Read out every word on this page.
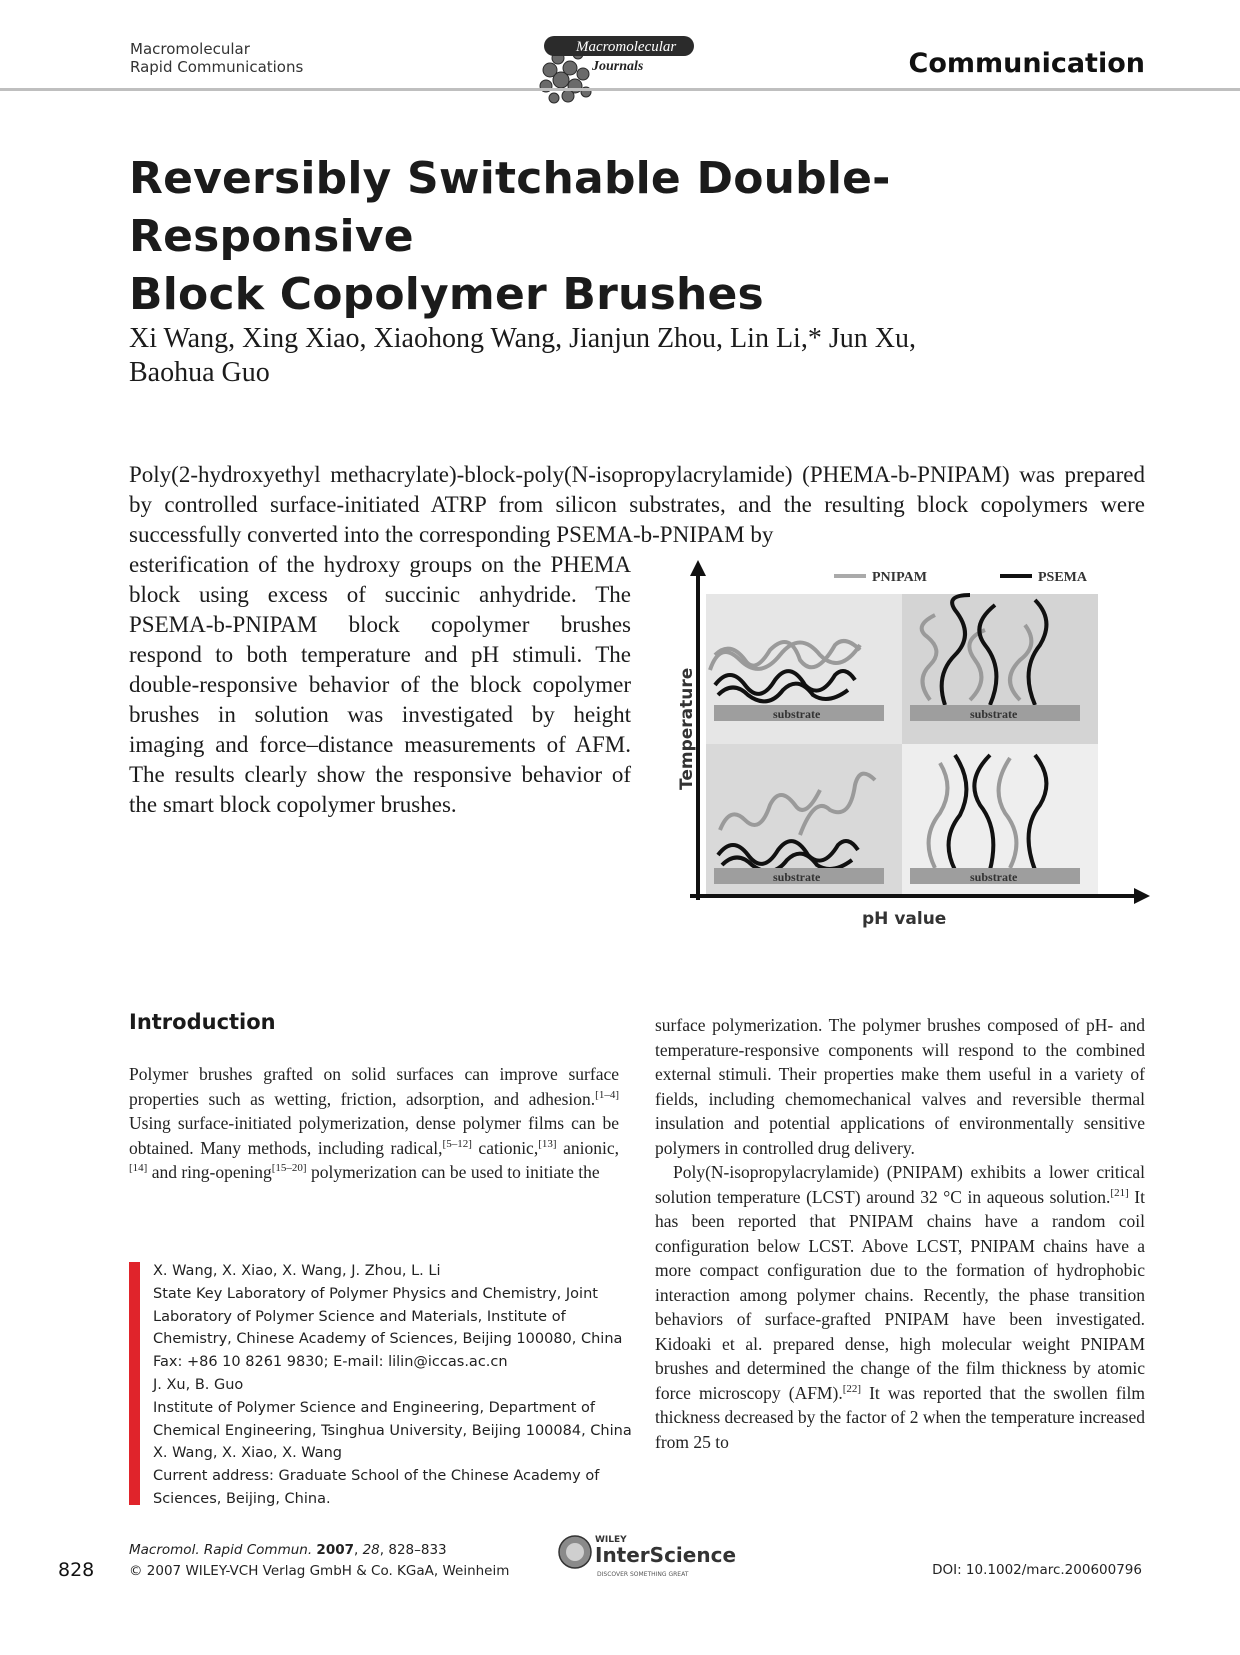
Macromolecular
Rapid Communications
Macromolecular
Journals	Communication
Reversibly Switchable Double-Responsive
Block Copolymer Brushes
Xi Wang, Xing Xiao, Xiaohong Wang, Jianjun Zhou, Lin Li,* Jun Xu,
Baohua Guo
Poly(2-hydroxyethyl methacrylate)-block-poly(N-isopropylacrylamide) (PHEMA-b-PNIPAM) was prepared by controlled surface-initiated ATRP from silicon substrates, and the resulting block copolymers were successfully converted into the corresponding PSEMA-b-PNIPAM by
esterification of the hydroxy groups on the PHEMA block using excess of succinic anhydride. The PSEMA-b-PNIPAM block copolymer brushes respond to both temperature and pH stimuli. The double-responsive behavior of the block copolymer brushes in solution was investigated by height imaging and force–distance measurements of AFM. The results clearly show the responsive behavior of the smart block copolymer brushes.
Temperature
pH value
PNIPAM	PSEMA
substrate	substrate
substrate	substrate
Introduction
Polymer brushes grafted on solid surfaces can improve surface properties such as wetting, friction, adsorption, and adhesion.[1–4] Using surface-initiated polymerization, dense polymer films can be obtained. Many methods, including radical,[5–12] cationic,[13] anionic,[14] and ring-opening[15–20] polymerization can be used to initiate the

surface polymerization. The polymer brushes composed of pH- and temperature-responsive components will respond to the combined external stimuli. Their properties make them useful in a variety of fields, including chemomechanical valves and reversible thermal insulation and potential applications of environmentally sensitive polymers in controlled drug delivery.

Poly(N-isopropylacrylamide) (PNIPAM) exhibits a lower critical solution temperature (LCST) around 32 °C in aqueous solution.[21] It has been reported that PNIPAM chains have a random coil configuration below LCST. Above LCST, PNIPAM chains have a more compact configuration due to the formation of hydrophobic interaction among polymer chains. Recently, the phase transition behaviors of surface-grafted PNIPAM have been investigated. Kidoaki et al. prepared dense, high molecular weight PNIPAM brushes and determined the change of the film thickness by atomic force microscopy (AFM).[22] It was reported that the swollen film thickness decreased by the factor of 2 when the temperature increased from 25 to

X. Wang, X. Xiao, X. Wang, J. Zhou, L. Li
State Key Laboratory of Polymer Physics and Chemistry, Joint
Laboratory of Polymer Science and Materials, Institute of
Chemistry, Chinese Academy of Sciences, Beijing 100080, China
Fax: +86 10 8261 9830; E-mail: lilin@iccas.ac.cn
J. Xu, B. Guo
Institute of Polymer Science and Engineering, Department of
Chemical Engineering, Tsinghua University, Beijing 100084, China
X. Wang, X. Xiao, X. Wang
Current address: Graduate School of the Chinese Academy of
Sciences, Beijing, China.
828
Macromol. Rapid Commun. 2007, 28, 828–833
© 2007 WILEY-VCH Verlag GmbH & Co. KGaA, Weinheim
WILEY
InterScience
DISCOVER SOMETHING GREAT	DOI: 10.1002/marc.200600796
